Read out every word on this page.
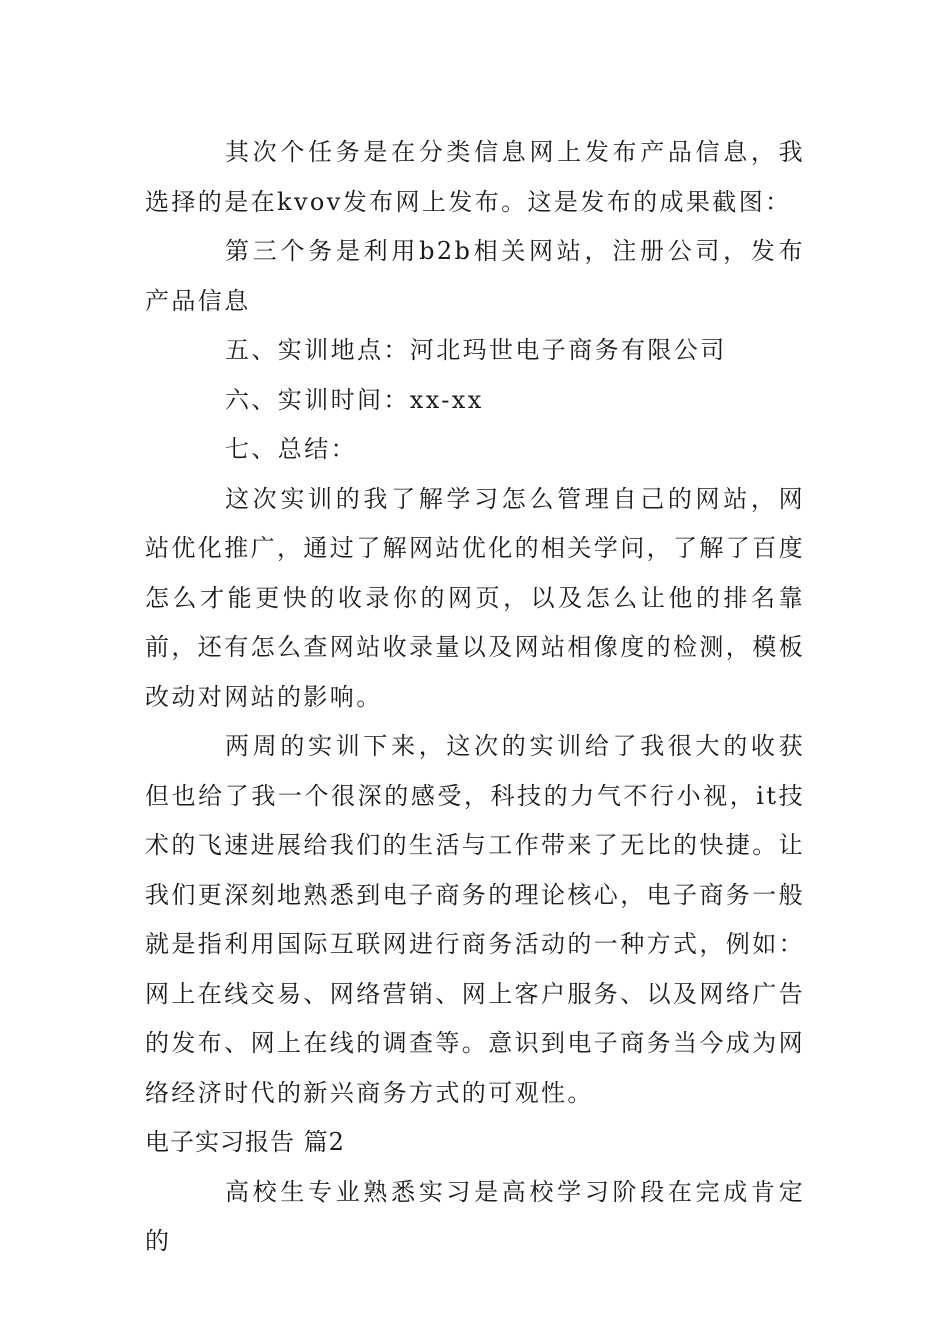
其次个任务是在分类信息网上发布产品信息，我选择的是在kvov发布网上发布。这是发布的成果截图：

第三个务是利用b2b相关网站，注册公司，发布产品信息

五、实训地点：河北玛世电子商务有限公司

六、实训时间：xx-xx

七、总结：

这次实训的我了解学习怎么管理自己的网站，网站优化推广，通过了解网站优化的相关学问，了解了百度怎么才能更快的收录你的网页，以及怎么让他的排名靠前，还有怎么查网站收录量以及网站相像度的检测，模板改动对网站的影响。

两周的实训下来，这次的实训给了我很大的收获但也给了我一个很深的感受，科技的力气不行小视，it技术的飞速进展给我们的生活与工作带来了无比的快捷。让我们更深刻地熟悉到电子商务的理论核心，电子商务一般就是指利用国际互联网进行商务活动的一种方式，例如：网上在线交易、网络营销、网上客户服务、以及网络广告的发布、网上在线的调查等。意识到电子商务当今成为网络经济时代的新兴商务方式的可观性。

电子实习报告 篇2

高校生专业熟悉实习是高校学习阶段在完成肯定的
